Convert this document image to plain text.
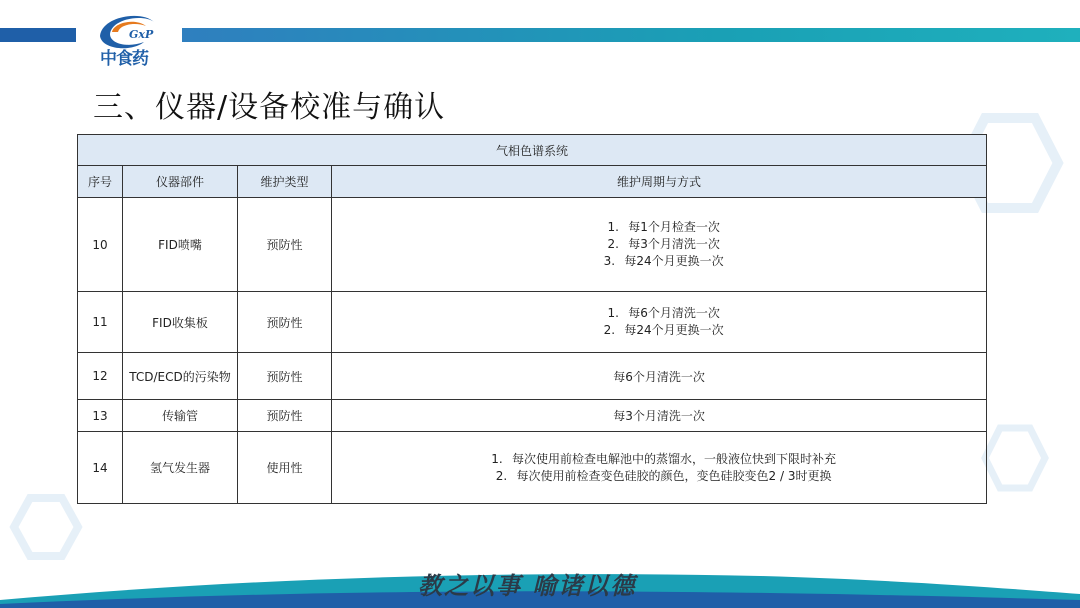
GxP
中食药
三、仪器/设备校准与确认
气相色谱系统			
序号	仪器部件	维护类型	维护周期与方式
10	FID喷嘴	预防性	1. 每1个月检查一次
2. 每3个月清洗一次
3. 每24个月更换一次

11	FID收集板	预防性	1. 每6个月清洗一次
2. 每24个月更换一次

12	TCD/ECD的污染物	预防性	每6个月清洗一次
13	传输管	预防性	每3个月清洗一次
14	氢气发生器	使用性	1. 每次使用前检查电解池中的蒸馏水，一般液位快到下限时补充
2. 每次使用前检查变色硅胶的颜色，变色硅胶变色2 / 3时更换
教之以事 喻诸以德
